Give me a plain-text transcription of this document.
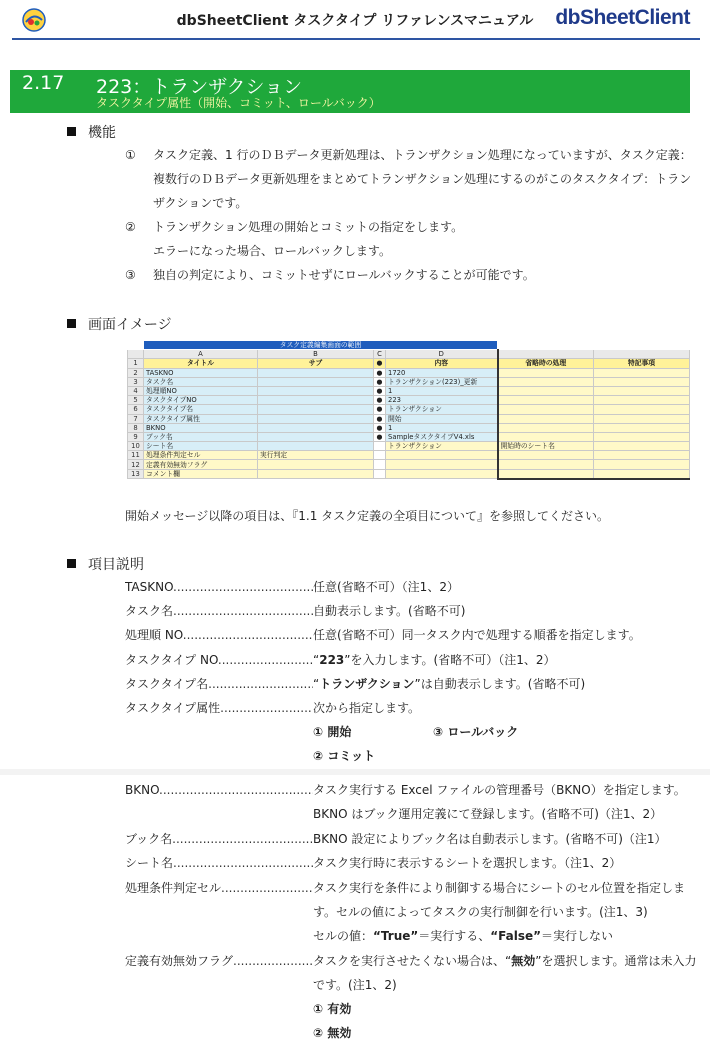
dbSheetClient タスクタイプ リファレンスマニュアル	dbSheetClient
2.17 223：トランザクション
タスクタイプ属性（開始、コミット、ロールバック）
機能
① タスク定義、1 行のＤＢデータ更新処理は、トランザクション処理になっていますが、タスク定義：複数行のＤＢデータ更新処理をまとめてトランザクション処理にするのがこのタスクタイプ：トランザクションです。
② トランザクション処理の開始とコミットの指定をします。
エラーになった場合、ロールバックします。
③ 独自の判定により、コミットせずにロールバックすることが可能です。
画面イメージ
	タスク定義編集画面の範囲					
	A	B	C	D		
1	タイトル	サブ	●	内容	省略時の処理	特記事項
2	TASKNO		●	1720		
3	タスク名		●	トランザクション(223)_更新		
4	処理順NO		●	1		
5	タスクタイプNO		●	223		
6	タスクタイプ名		●	トランザクション		
7	タスクタイプ属性		●	開始		
8	BKNO		●	1		
9	ブック名		●	SampleタスクタイプV4.xls		
10	シート名			トランザクション	開始時のシート名	
11	処理条件判定セル	実行判定				
12	定義有効無効フラグ					
13	コメント欄					
開始メッセージ以降の項目は、『1.1 タスク定義の全項目について』を参照してください。
項目説明
TASKNO .....	任意(省略不可）（注1、2）
タスク名 .....	自動表示します。(省略不可)
処理順 NO .....	任意(省略不可）同一タスク内で処理する順番を指定します。
タスクタイプ NO .....	“223”を入力します。(省略不可）（注1、2）
タスクタイプ名 .....	“トランザクション”は自動表示します。(省略不可)
タスクタイプ属性 .....	次から指定します。
① 開始	③ ロールバック
② コミット
BKNO .....	タスク実行する Excel ファイルの管理番号（BKNO）を指定します。
BKNO はブック運用定義にて登録します。(省略不可)（注1、2）
ブック名 .....	BKNO 設定によりブック名は自動表示します。(省略不可)（注1）
シート名 .....	タスク実行時に表示するシートを選択します。（注1、2）
処理条件判定セル .....	タスク実行を条件により制御する場合にシートのセル位置を指定します。セルの値によってタスクの実行制御を行います。(注1、3)
セルの値：“True”＝実行する、“False”＝実行しない
定義有効無効フラグ .....	タスクを実行させたくない場合は、“無効”を選択します。通常は未入力です。(注1、2)
① 有効
② 無効
